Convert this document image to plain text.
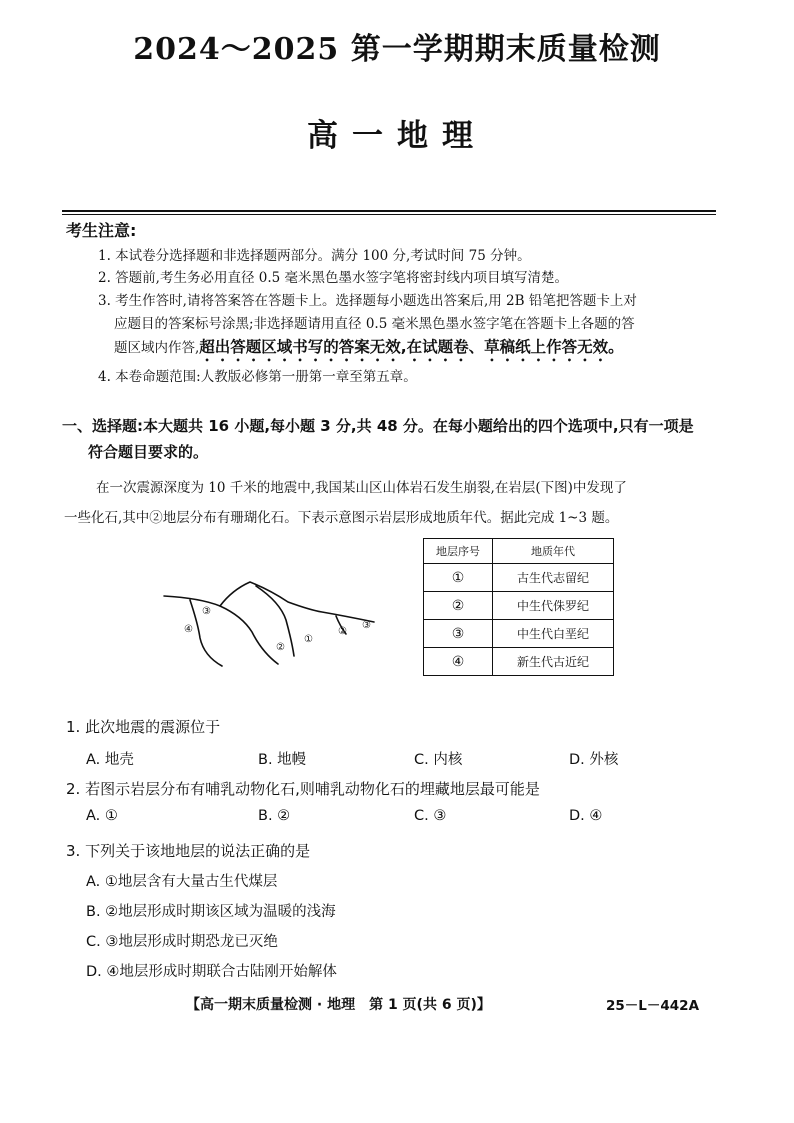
2024～2025 第一学期期末质量检测
高一地理
考生注意:
1. 本试卷分选择题和非选择题两部分。满分 100 分,考试时间 75 分钟。
2. 答题前,考生务必用直径 0.5 毫米黑色墨水签字笔将密封线内项目填写清楚。
3. 考生作答时,请将答案答在答题卡上。选择题每小题选出答案后,用 2B 铅笔把答题卡上对
应题目的答案标号涂黑;非选择题请用直径 0.5 毫米黑色墨水签字笔在答题卡上各题的答
题区域内作答,超出答题区域书写的答案无效,在试题卷、草稿纸上作答无效。
4. 本卷命题范围:人教版必修第一册第一章至第五章。
一、选择题:本大题共 16 小题,每小题 3 分,共 48 分。在每小题给出的四个选项中,只有一项是
符合题目要求的。
在一次震源深度为 10 千米的地震中,我国某山区山体岩石发生崩裂,在岩层(下图)中发现了
一些化石,其中②地层分布有珊瑚化石。下表示意图示岩层形成地质年代。据此完成 1~3 题。
③
④
②
①
②
③
地层序号	地质年代
①	古生代志留纪
②	中生代侏罗纪
③	中生代白垩纪
④	新生代古近纪
1. 此次地震的震源位于
A. 地壳	B. 地幔	C. 内核	D. 外核
2. 若图示岩层分布有哺乳动物化石,则哺乳动物化石的埋藏地层最可能是
A. ①	B. ②	C. ③	D. ④
3. 下列关于该地地层的说法正确的是
A. ①地层含有大量古生代煤层
B. ②地层形成时期该区域为温暖的浅海
C. ③地层形成时期恐龙已灭绝
D. ④地层形成时期联合古陆刚开始解体
【高一期末质量检测 · 地理　第 1 页(共 6 页)】	25－L－442A
